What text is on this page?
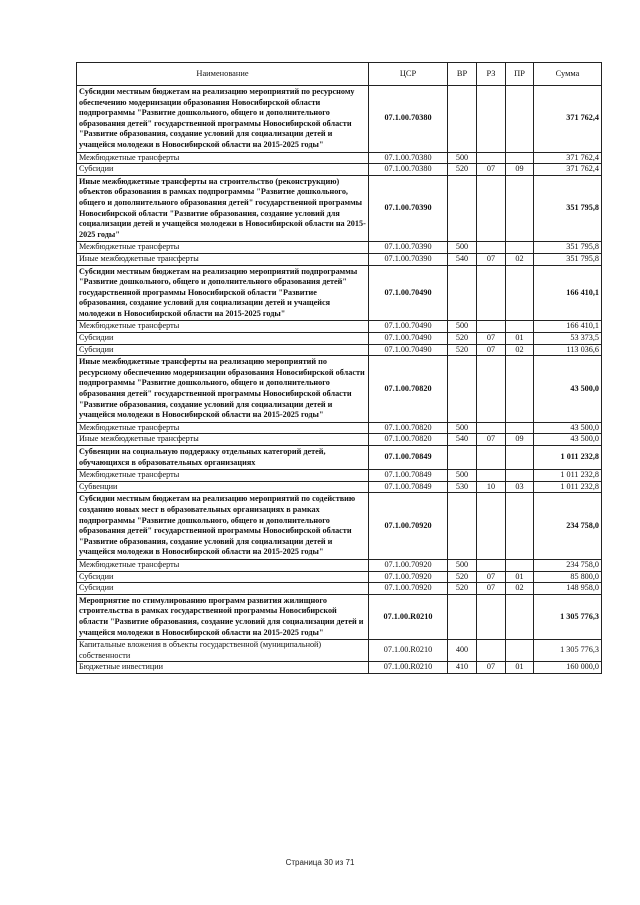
Наименование	ЦСР	ВР	РЗ	ПР	Сумма
Субсидии местным бюджетам на реализацию мероприятий по ресурсному обеспечению модернизации образования Новосибирской области подпрограммы "Развитие дошкольного, общего и дополнительного образования детей" государственной программы Новосибирской области "Развитие образования, создание условий для социализации детей и учащейся молодежи в Новосибирской области на 2015-2025 годы"	07.1.00.70380				371 762,4
Межбюджетные трансферты	07.1.00.70380	500			371 762,4
Субсидии	07.1.00.70380	520	07	09	371 762,4
Иные межбюджетные трансферты на строительство (реконструкцию) объектов образования в рамках подпрограммы "Развитие дошкольного, общего и дополнительного образования детей" государственной программы Новосибирской области "Развитие образования, создание условий для социализации детей и учащейся молодежи в Новосибирской области на 2015-2025 годы"	07.1.00.70390				351 795,8
Межбюджетные трансферты	07.1.00.70390	500			351 795,8
Иные межбюджетные трансферты	07.1.00.70390	540	07	02	351 795,8
Субсидии местным бюджетам на реализацию мероприятий подпрограммы "Развитие дошкольного, общего и дополнительного образования детей" государственной программы Новосибирской области "Развитие образования, создание условий для социализации детей и учащейся молодежи в Новосибирской области на 2015-2025 годы"	07.1.00.70490				166 410,1
Межбюджетные трансферты	07.1.00.70490	500			166 410,1
Субсидии	07.1.00.70490	520	07	01	53 373,5
Субсидии	07.1.00.70490	520	07	02	113 036,6
Иные межбюджетные трансферты на реализацию мероприятий по ресурсному обеспечению модернизации образования Новосибирской области подпрограммы "Развитие дошкольного, общего и дополнительного образования детей" государственной программы Новосибирской области "Развитие образования, создание условий для социализации детей и учащейся молодежи в Новосибирской области на 2015-2025 годы"	07.1.00.70820				43 500,0
Межбюджетные трансферты	07.1.00.70820	500			43 500,0
Иные межбюджетные трансферты	07.1.00.70820	540	07	09	43 500,0
Субвенции на социальную поддержку отдельных категорий детей, обучающихся в образовательных организациях	07.1.00.70849				1 011 232,8
Межбюджетные трансферты	07.1.00.70849	500			1 011 232,8
Субвенции	07.1.00.70849	530	10	03	1 011 232,8
Субсидии местным бюджетам на реализацию мероприятий по содействию созданию новых мест в образовательных организациях в рамках подпрограммы "Развитие дошкольного, общего и дополнительного образования детей" государственной программы Новосибирской области "Развитие образования, создание условий для социализации детей и учащейся молодежи в Новосибирской области на 2015-2025 годы"	07.1.00.70920				234 758,0
Межбюджетные трансферты	07.1.00.70920	500			234 758,0
Субсидии	07.1.00.70920	520	07	01	85 800,0
Субсидии	07.1.00.70920	520	07	02	148 958,0
Мероприятие по стимулированию программ развития жилищного строительства в рамках государственной программы Новосибирской области "Развитие образования, создание условий для социализации детей и учащейся молодежи в Новосибирской области на 2015-2025 годы"	07.1.00.R0210				1 305 776,3
Капитальные вложения в объекты государственной (муниципальной) собственности	07.1.00.R0210	400			1 305 776,3
Бюджетные инвестиции	07.1.00.R0210	410	07	01	160 000,0
Страница 30 из 71
